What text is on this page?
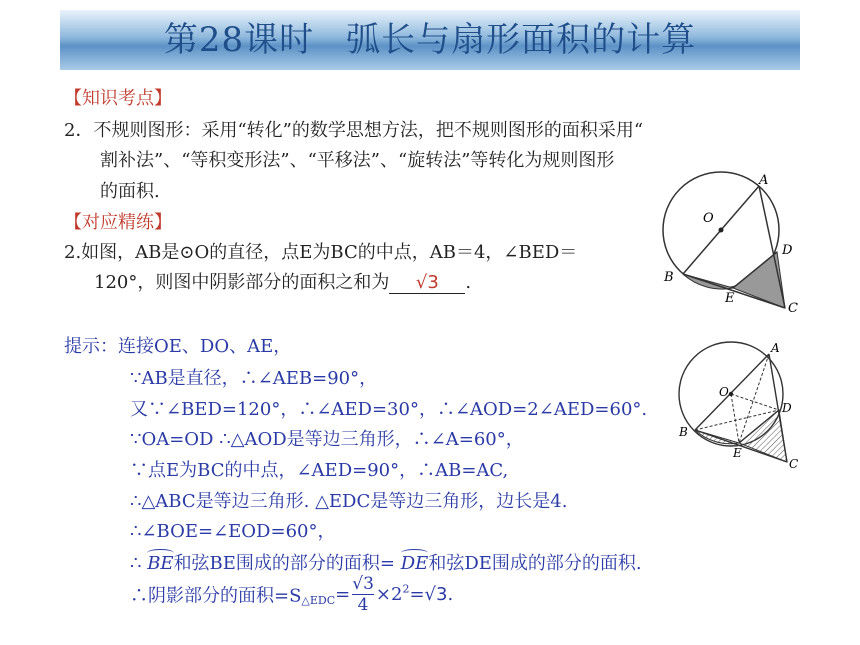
第28课时 弧长与扇形面积的计算
【知识考点】
2．不规则图形：采用“转化”的数学思想方法，把不规则图形的面积采用“
割补法”、“等积变形法”、“平移法”、“旋转法”等转化为规则图形
的面积.
【对应精练】
2.如图，AB是⊙O的直径，点E为BC的中点，AB＝4，∠BED＝
120°，则图中阴影部分的面积之和为 √3 .
提示：连接OE、DO、AE，
∵AB是直径，∴∠AEB=90°，
又∵∠BED=120°，∴∠AED=30°，∴∠AOD=2∠AED=60°.
∵OA=OD ∴△AOD是等边三角形，∴∠A=60°，
∵点E为BC的中点，∠AED=90°，∴AB=AC,
∴△ABC是等边三角形. △EDC是等边三角形，边长是4.
∴∠BOE=∠EOD=60°，
∴ BE和弦BE围成的部分的面积= DE和弦DE围成的部分的面积.
∴阴影部分的面积$=S_{\triangle EDC}= \frac{√3}{4} \times 2^2=√3$.
A
O
D
B
E
C
A
O
D
B
E
C
